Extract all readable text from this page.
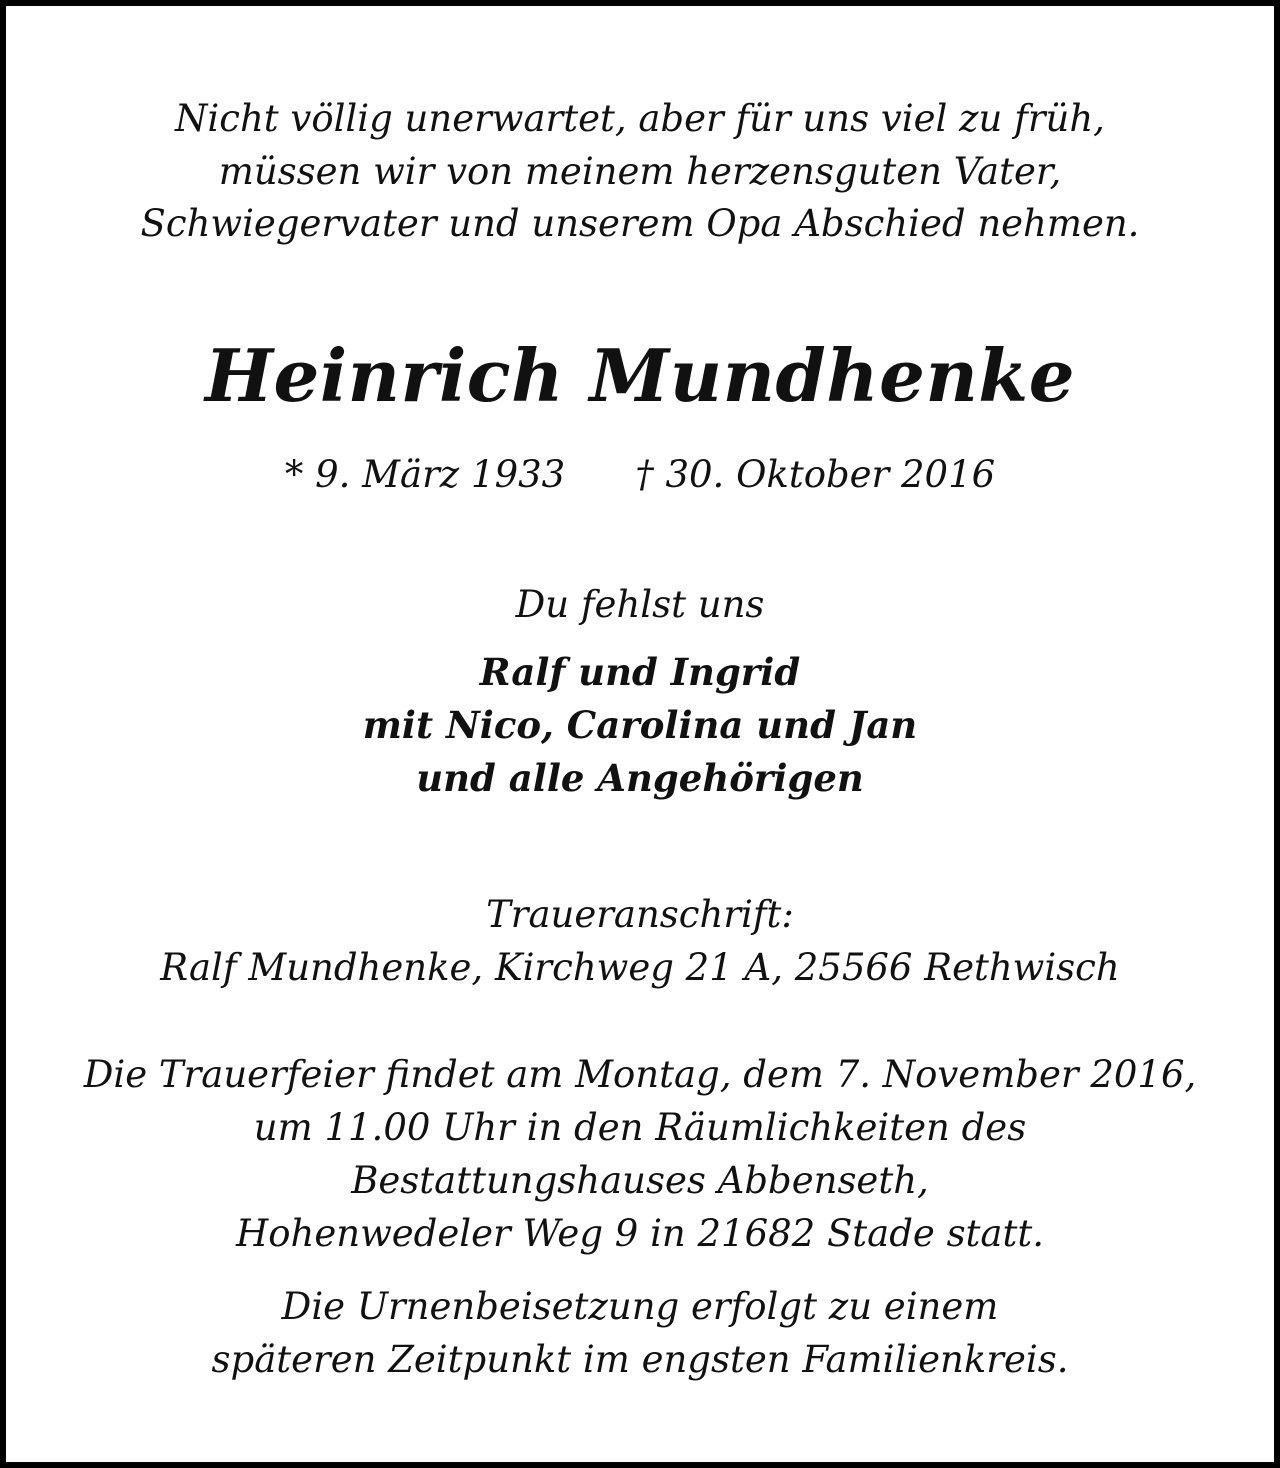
Nicht völlig unerwartet, aber für uns viel zu früh,

müssen wir von meinem herzensguten Vater,

Schwiegervater und unserem Opa Abschied nehmen.

Heinrich Mundhenke

* 9. März 1933 † 30. Oktober 2016

Du fehlst uns

Ralf und Ingrid

mit Nico, Carolina und Jan

und alle Angehörigen

Traueranschrift:

Ralf Mundhenke, Kirchweg 21 A, 25566 Rethwisch

Die Trauerfeier findet am Montag, dem 7. November 2016,

um 11.00 Uhr in den Räumlichkeiten des

Bestattungshauses Abbenseth,

Hohenwedeler Weg 9 in 21682 Stade statt.

Die Urnenbeisetzung erfolgt zu einem

späteren Zeitpunkt im engsten Familienkreis.
